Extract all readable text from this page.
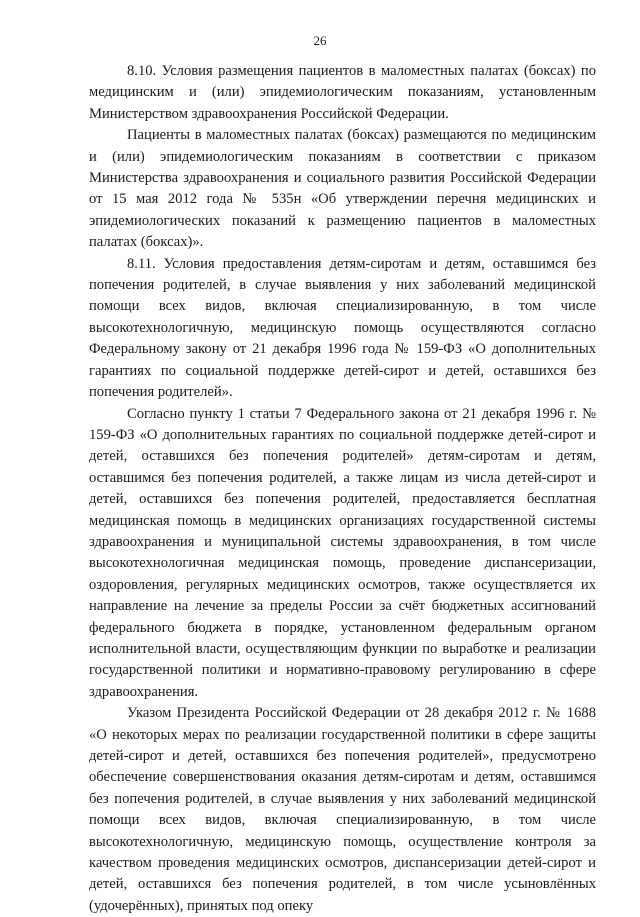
26

8.10. Условия размещения пациентов в маломестных палатах (боксах) по медицинским и (или) эпидемиологическим показаниям, установленным Министерством здравоохранения Российской Федерации.

Пациенты в маломестных палатах (боксах) размещаются по медицинским и (или) эпидемиологическим показаниям в соответствии с приказом Министерства здравоохранения и социального развития Российской Федерации от 15 мая 2012 года № 535н «Об утверждении перечня медицинских и эпидемиологических показаний к размещению пациентов в маломестных палатах (боксах)».

8.11. Условия предоставления детям-сиротам и детям, оставшимся без попечения родителей, в случае выявления у них заболеваний медицинской помощи всех видов, включая специализированную, в том числе высокотехнологичную, медицинскую помощь осуществляются согласно Федеральному закону от 21 декабря 1996 года № 159-ФЗ «О дополнительных гарантиях по социальной поддержке детей-сирот и детей, оставшихся без попечения родителей».

Согласно пункту 1 статьи 7 Федерального закона от 21 декабря 1996 г. № 159-ФЗ «О дополнительных гарантиях по социальной поддержке детей-сирот и детей, оставшихся без попечения родителей» детям-сиротам и детям, оставшимся без попечения родителей, а также лицам из числа детей-сирот и детей, оставшихся без попечения родителей, предоставляется бесплатная медицинская помощь в медицинских организациях государственной системы здравоохранения и муниципальной системы здравоохранения, в том числе высокотехнологичная медицинская помощь, проведение диспансеризации, оздоровления, регулярных медицинских осмотров, также осуществляется их направление на лечение за пределы России за счёт бюджетных ассигнований федерального бюджета в порядке, установленном федеральным органом исполнительной власти, осуществляющим функции по выработке и реализации государственной политики и нормативно-правовому регулированию в сфере здравоохранения.

Указом Президента Российской Федерации от 28 декабря 2012 г. № 1688 «О некоторых мерах по реализации государственной политики в сфере защиты детей-сирот и детей, оставшихся без попечения родителей», предусмотрено обеспечение совершенствования оказания детям-сиротам и детям, оставшимся без попечения родителей, в случае выявления у них заболеваний медицинской помощи всех видов, включая специализированную, в том числе высокотехнологичную, медицинскую помощь, осуществление контроля за качеством проведения медицинских осмотров, диспансеризации детей-сирот и детей, оставшихся без попечения родителей, в том числе усыновлённых (удочерённых), принятых под опеку
